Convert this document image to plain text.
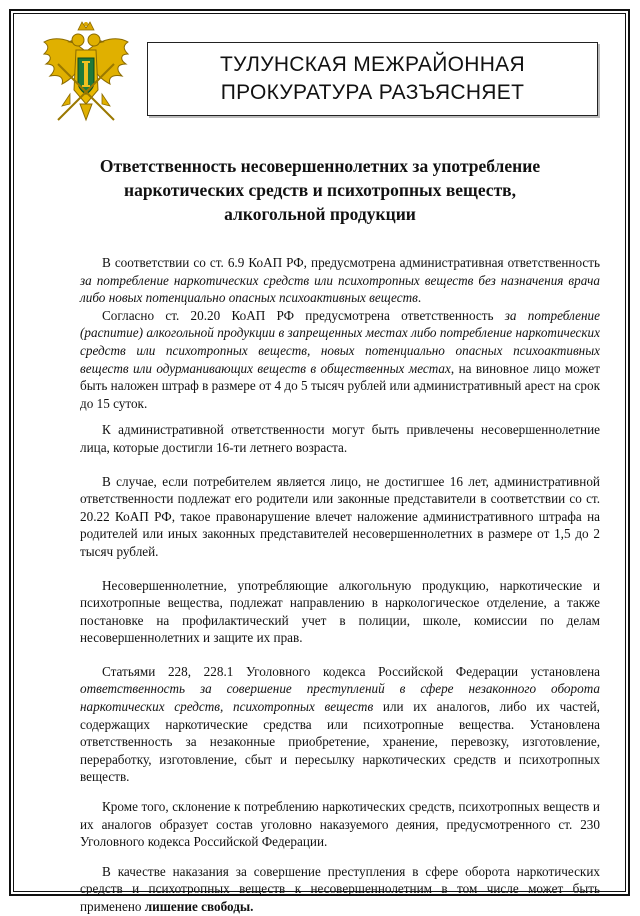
ТУЛУНСКАЯ МЕЖРАЙОННАЯ
ПРОКУРАТУРА РАЗЪЯСНЯЕТ
Ответственность несовершеннолетних за употребление
наркотических средств и психотропных веществ,
алкогольной продукции

В соответствии со ст. 6.9 КоАП РФ, предусмотрена административная ответственность за потребление наркотических средств или психотропных веществ без назначения врача либо новых потенциально опасных психоактивных веществ.

Согласно ст. 20.20 КоАП РФ предусмотрена ответственность за потребление (распитие) алкогольной продукции в запрещенных местах либо потребление наркотических средств или психотропных веществ, новых потенциально опасных психоактивных веществ или одурманивающих веществ в общественных местах, на виновное лицо может быть наложен штраф в размере от 4 до 5 тысяч рублей или административный арест на срок до 15 суток.

К административной ответственности могут быть привлечены несовершеннолетние лица, которые достигли 16-ти летнего возраста.

В случае, если потребителем является лицо, не достигшее 16 лет, административной ответственности подлежат его родители или законные представители в соответствии со ст. 20.22 КоАП РФ, такое правонарушение влечет наложение административного штрафа на родителей или иных законных представителей несовершеннолетних в размере от 1,5 до 2 тысяч рублей.

Несовершеннолетние, употребляющие алкогольную продукцию, наркотические и психотропные вещества, подлежат направлению в наркологическое отделение, а также постановке на профилактический учет в полиции, школе, комиссии по делам несовершеннолетних и защите их прав.

Статьями 228, 228.1 Уголовного кодекса Российской Федерации установлена ответственность за совершение преступлений в сфере незаконного оборота наркотических средств, психотропных веществ или их аналогов, либо их частей, содержащих наркотические средства или психотропные вещества. Установлена ответственность за незаконные приобретение, хранение, перевозку, изготовление, переработку, изготовление, сбыт и пересылку наркотических средств и психотропных веществ.

Кроме того, склонение к потреблению наркотических средств, психотропных веществ и их аналогов образует состав уголовно наказуемого деяния, предусмотренного ст. 230 Уголовного кодекса Российской Федерации.

В качестве наказания за совершение преступления в сфере оборота наркотических средств и психотропных веществ к несовершеннолетним в том числе может быть применено лишение свободы.
